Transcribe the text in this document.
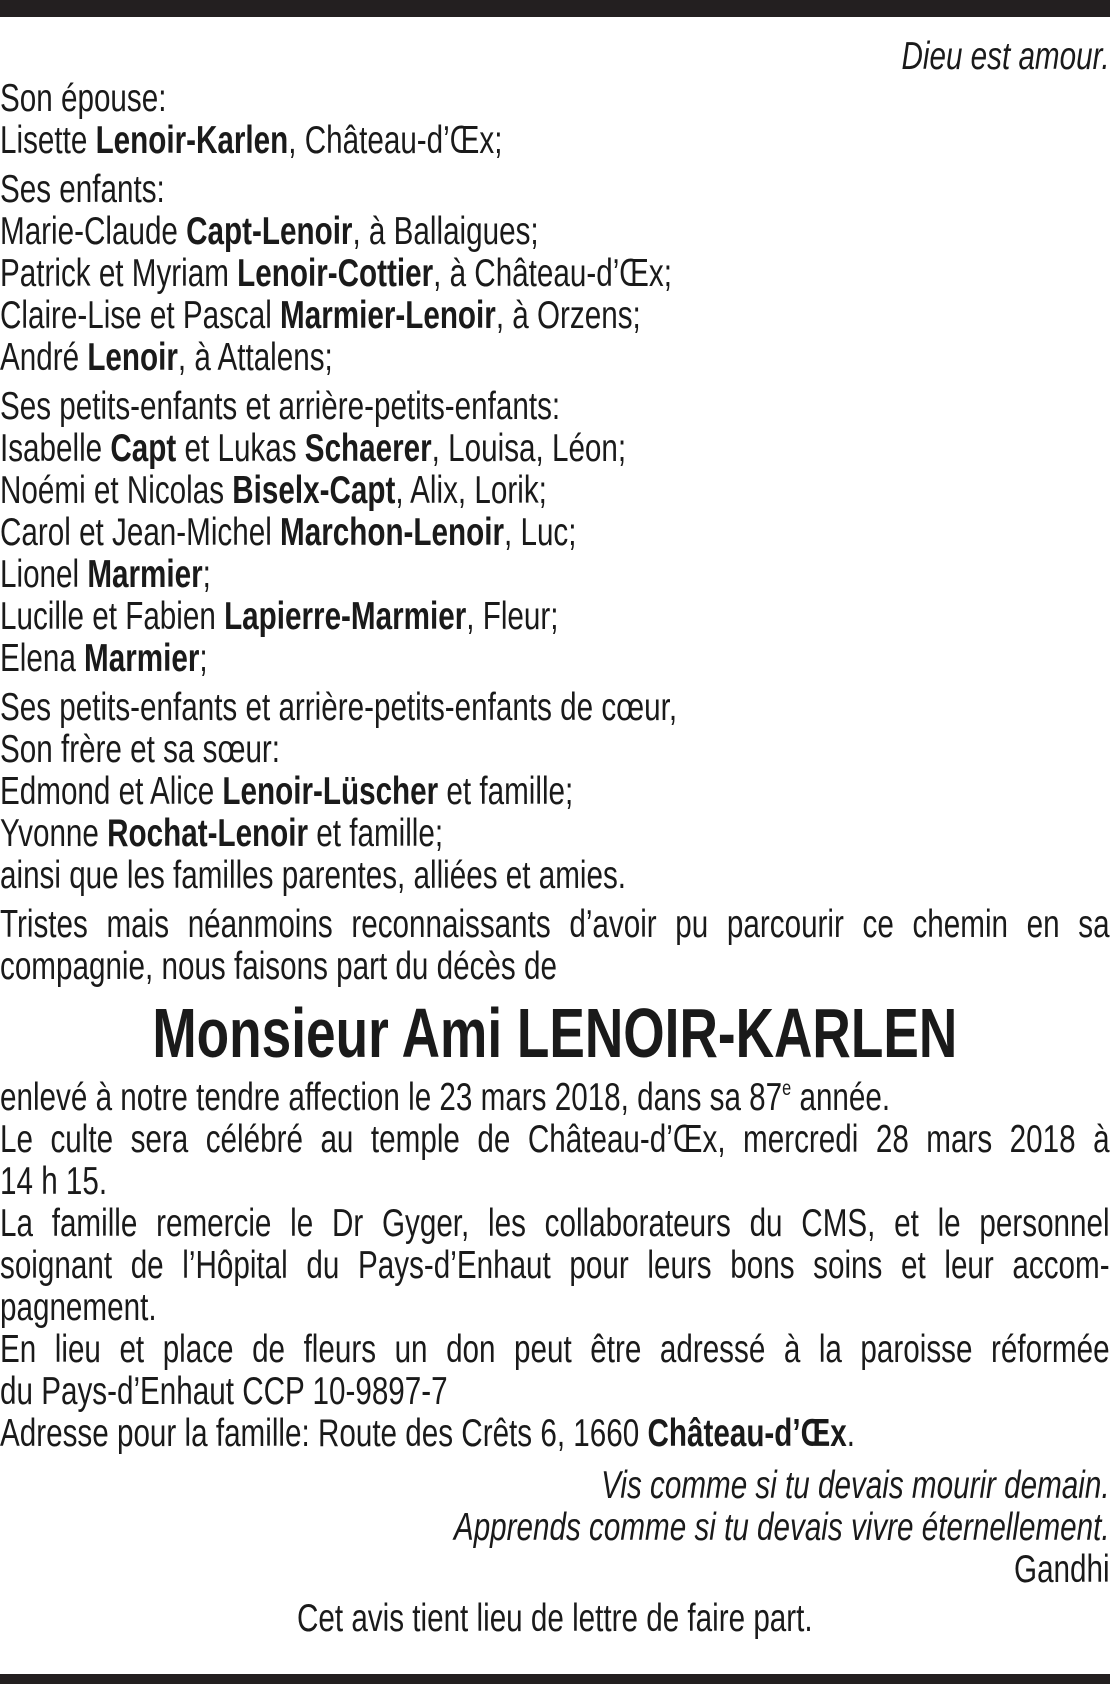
Dieu est amour.
Son épouse:
Lisette Lenoir-Karlen, Château-d’Œx;
Ses enfants:
Marie-Claude Capt-Lenoir, à Ballaigues;
Patrick et Myriam Lenoir-Cottier, à Château-d’Œx;
Claire-Lise et Pascal Marmier-Lenoir, à Orzens;
André Lenoir, à Attalens;
Ses petits-enfants et arrière-petits-enfants:
Isabelle Capt et Lukas Schaerer, Louisa, Léon;
Noémi et Nicolas Biselx-Capt, Alix, Lorik;
Carol et Jean-Michel Marchon-Lenoir, Luc;
Lionel Marmier;
Lucille et Fabien Lapierre-Marmier, Fleur;
Elena Marmier;
Ses petits-enfants et arrière-petits-enfants de cœur,
Son frère et sa sœur:
Edmond et Alice Lenoir-Lüscher et famille;
Yvonne Rochat-Lenoir et famille;
ainsi que les familles parentes, alliées et amies.
Tristes mais néanmoins reconnaissants d’avoir pu parcourir ce chemin en sa
compagnie, nous faisons part du décès de
Monsieur Ami LENOIR-KARLEN
enlevé à notre tendre affection le 23 mars 2018, dans sa 87e année.
Le culte sera célébré au temple de Château-d’Œx, mercredi 28 mars 2018 à
14 h 15.
La famille remercie le Dr Gyger, les collaborateurs du CMS, et le personnel
soignant de l’Hôpital du Pays-d’Enhaut pour leurs bons soins et leur accom-
pagnement.
En lieu et place de fleurs un don peut être adressé à la paroisse réformée
du Pays-d’Enhaut CCP 10-9897-7
Adresse pour la famille: Route des Crêts 6, 1660 Château-d’Œx.
Vis comme si tu devais mourir demain.
Apprends comme si tu devais vivre éternellement.
Gandhi
Cet avis tient lieu de lettre de faire part.
